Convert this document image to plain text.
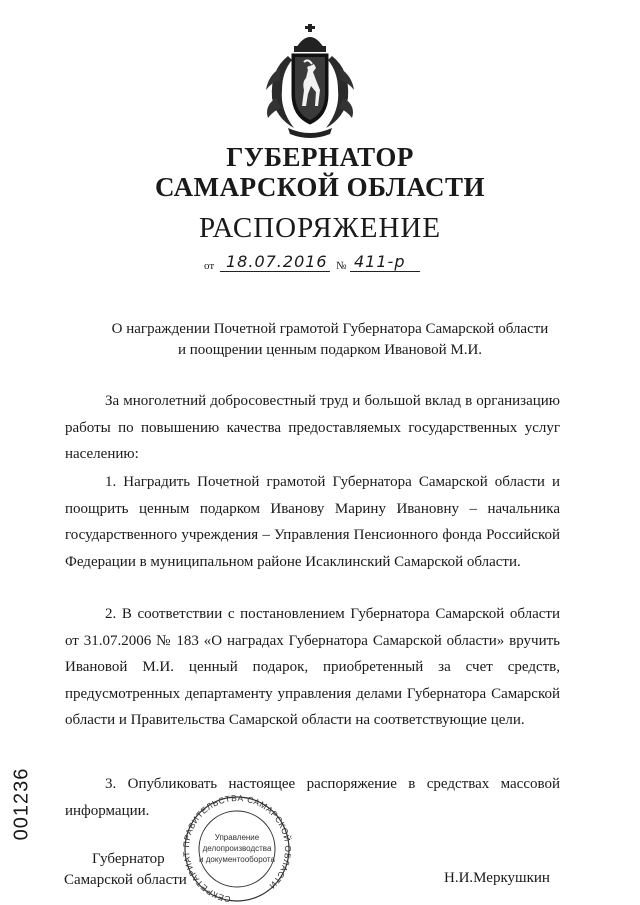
ГУБЕРНАТОР
САМАРСКОЙ ОБЛАСТИ
РАСПОРЯЖЕНИЕ
от 18.07.2016 № 411-р
О награждении Почетной грамотой Губернатора Самарской области
и поощрении ценным подарком Ивановой М.И.

За многолетний добросовестный труд и большой вклад в организацию работы по повышению качества предоставляемых государственных услуг населению:

1. Наградить Почетной грамотой Губернатора Самарской области и поощрить ценным подарком Иванову Марину Ивановну – начальника государственного учреждения – Управления Пенсионного фонда Российской Федерации в муниципальном районе Исаклинский Самарской области.

2. В соответствии с постановлением Губернатора Самарской области от 31.07.2006 № 183 «О наградах Губернатора Самарской области» вручить Ивановой М.И. ценный подарок, приобретенный за счет средств, предусмотренных департаменту управления делами Губернатора Самарской области и Правительства Самарской области на соответствующие цели.

3. Опубликовать настоящее распоряжение в средствах массовой информации.

001236
СЕКРЕТАРИАТ ПРАВИТЕЛЬСТВА САМАРСКОЙ ОБЛАСТИ
Управление
делопроизводства
и документооборота
Губернатор
Самарской области	Н.И.Меркушкин
